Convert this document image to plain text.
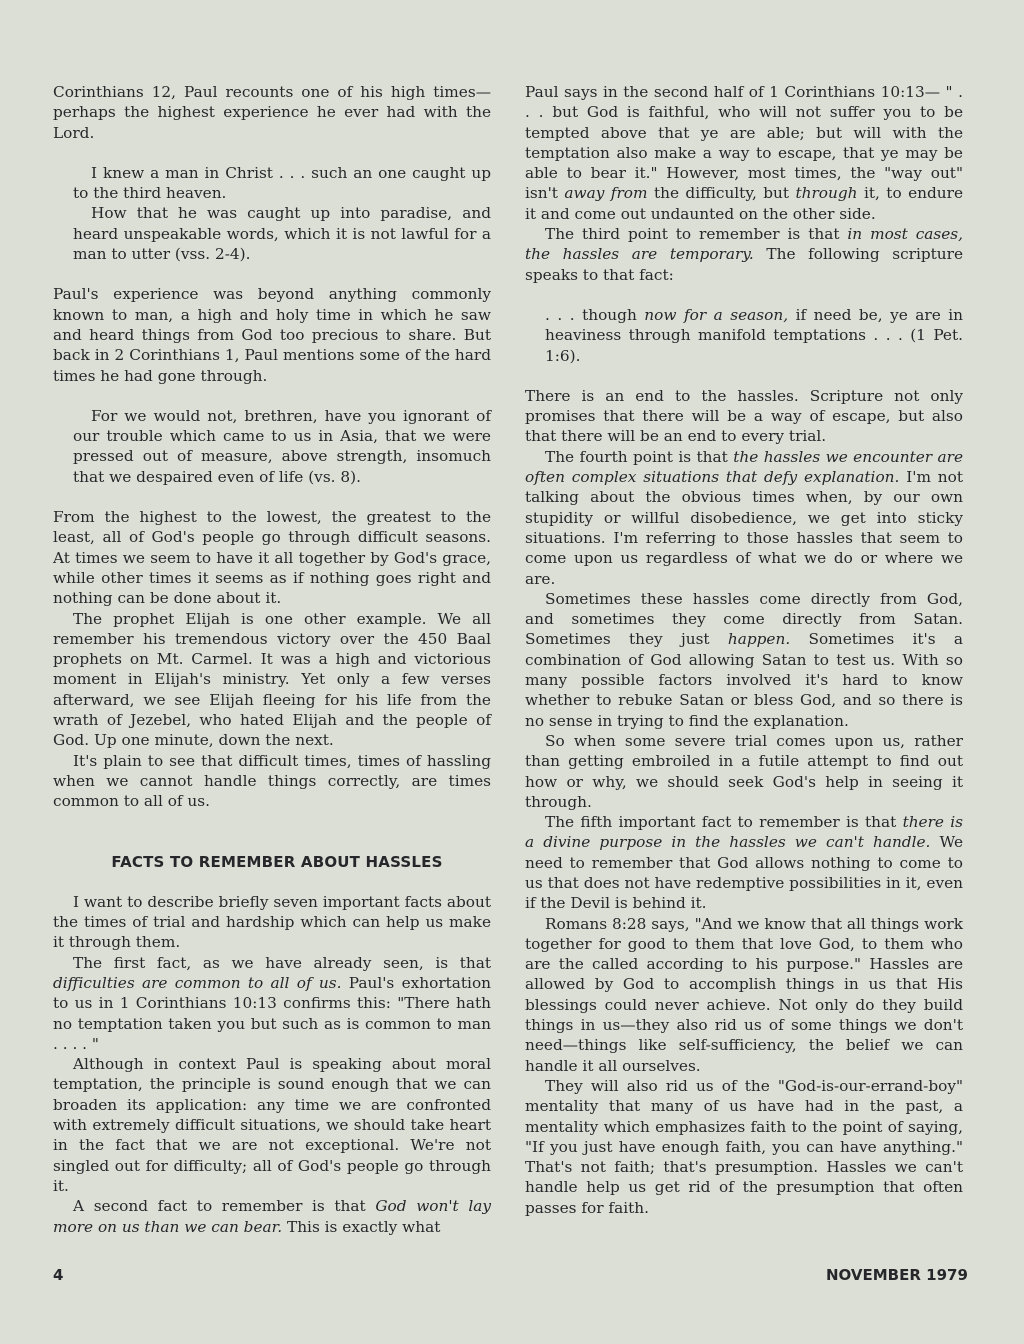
Corinthians 12, Paul recounts one of his high times—perhaps the highest experience he ever had with the Lord.

I knew a man in Christ . . . such an one caught up to the third heaven.

How that he was caught up into paradise, and heard unspeakable words, which it is not lawful for a man to utter (vss. 2-4).

Paul's experience was beyond anything commonly known to man, a high and holy time in which he saw and heard things from God too precious to share. But back in 2 Corinthians 1, Paul mentions some of the hard times he had gone through.

For we would not, brethren, have you ignorant of our trouble which came to us in Asia, that we were pressed out of measure, above strength, insomuch that we despaired even of life (vs. 8).

From the highest to the lowest, the greatest to the least, all of God's people go through difficult seasons. At times we seem to have it all together by God's grace, while other times it seems as if nothing goes right and nothing can be done about it.

The prophet Elijah is one other example. We all remember his tremendous victory over the 450 Baal prophets on Mt. Carmel. It was a high and victorious moment in Elijah's ministry. Yet only a few verses afterward, we see Elijah fleeing for his life from the wrath of Jezebel, who hated Elijah and the people of God. Up one minute, down the next.

It's plain to see that difficult times, times of hassling when we cannot handle things correctly, are times common to all of us.

FACTS TO REMEMBER ABOUT HASSLES

I want to describe briefly seven important facts about the times of trial and hardship which can help us make it through them.

The first fact, as we have already seen, is that difficulties are common to all of us. Paul's exhortation to us in 1 Corinthians 10:13 confirms this: "There hath no temptation taken you but such as is common to man . . . . "

Although in context Paul is speaking about moral temptation, the principle is sound enough that we can broaden its application: any time we are confronted with extremely difficult situations, we should take heart in the fact that we are not exceptional. We're not singled out for difficulty; all of God's people go through it.

A second fact to remember is that God won't lay more on us than we can bear. This is exactly what

Paul says in the second half of 1 Corinthians 10:13— " . . . but God is faithful, who will not suffer you to be tempted above that ye are able; but will with the temptation also make a way to escape, that ye may be able to bear it." However, most times, the "way out" isn't away from the difficulty, but through it, to endure it and come out undaunted on the other side.

The third point to remember is that in most cases, the hassles are temporary. The following scripture speaks to that fact:

. . . though now for a season, if need be, ye are in heaviness through manifold temptations . . . (1 Pet. 1:6).

There is an end to the hassles. Scripture not only promises that there will be a way of escape, but also that there will be an end to every trial.

The fourth point is that the hassles we encounter are often complex situations that defy explanation. I'm not talking about the obvious times when, by our own stupidity or willful disobedience, we get into sticky situations. I'm referring to those hassles that seem to come upon us regardless of what we do or where we are.

Sometimes these hassles come directly from God, and sometimes they come directly from Satan. Sometimes they just happen. Sometimes it's a combination of God allowing Satan to test us. With so many possible factors involved it's hard to know whether to rebuke Satan or bless God, and so there is no sense in trying to find the explanation.

So when some severe trial comes upon us, rather than getting embroiled in a futile attempt to find out how or why, we should seek God's help in seeing it through.

The fifth important fact to remember is that there is a divine purpose in the hassles we can't handle. We need to remember that God allows nothing to come to us that does not have redemptive possibilities in it, even if the Devil is behind it.

Romans 8:28 says, "And we know that all things work together for good to them that love God, to them who are the called according to his purpose." Hassles are allowed by God to accomplish things in us that His blessings could never achieve. Not only do they build things in us—they also rid us of some things we don't need—things like self-sufficiency, the belief we can handle it all ourselves.

They will also rid us of the "God-is-our-errand-boy" mentality that many of us have had in the past, a mentality which emphasizes faith to the point of saying, "If you just have enough faith, you can have anything." That's not faith; that's presumption. Hassles we can't handle help us get rid of the presumption that often passes for faith.

4	NOVEMBER 1979
